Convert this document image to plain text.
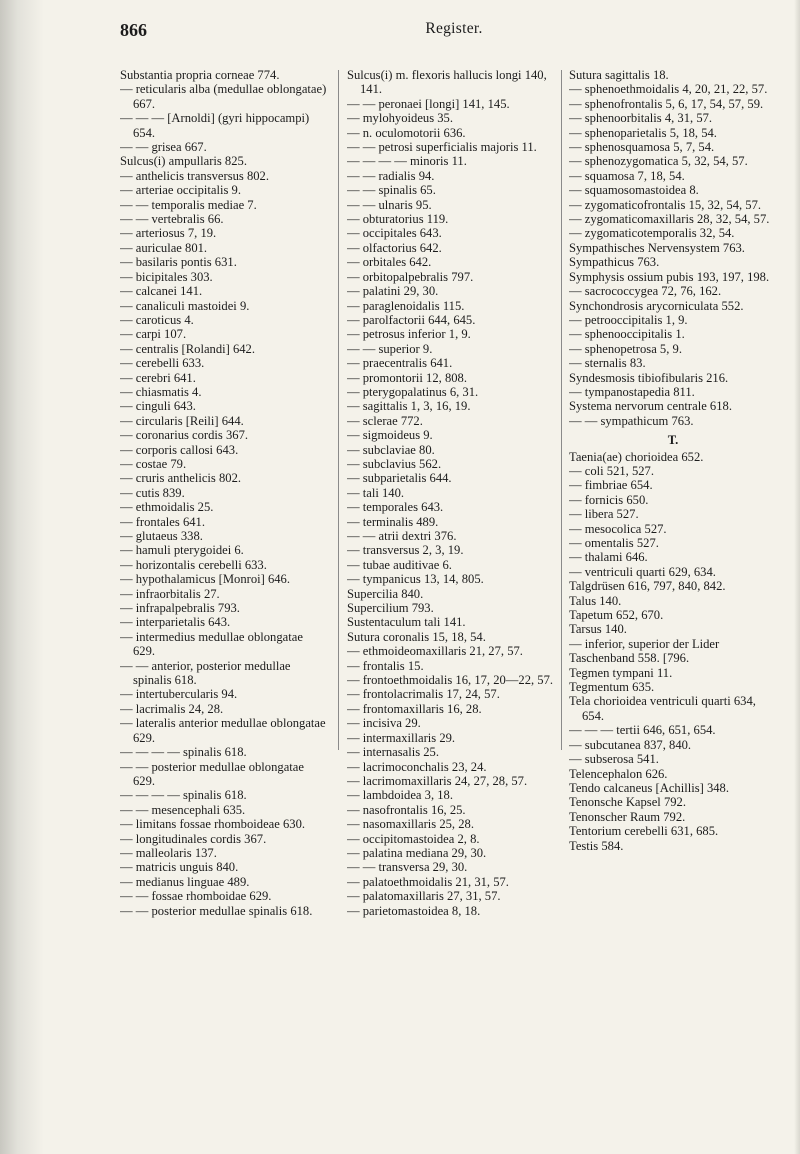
866	Register.

Substantia propria corneae 774.

— reticularis alba (medullae oblongatae) 667.

— — — [Arnoldi] (gyri hippocampi) 654.

— — grisea 667.

Sulcus(i) ampullaris 825.

— anthelicis transversus 802.

— arteriae occipitalis 9.

— — temporalis mediae 7.

— — vertebralis 66.

— arteriosus 7, 19.

— auriculae 801.

— basilaris pontis 631.

— bicipitales 303.

— calcanei 141.

— canaliculi mastoidei 9.

— caroticus 4.

— carpi 107.

— centralis [Rolandi] 642.

— cerebelli 633.

— cerebri 641.

— chiasmatis 4.

— cinguli 643.

— circularis [Reili] 644.

— coronarius cordis 367.

— corporis callosi 643.

— costae 79.

— cruris anthelicis 802.

— cutis 839.

— ethmoidalis 25.

— frontales 641.

— glutaeus 338.

— hamuli pterygoidei 6.

— horizontalis cerebelli 633.

— hypothalamicus [Monroi] 646.

— infraorbitalis 27.

— infrapalpebralis 793.

— interparietalis 643.

— intermedius medullae oblongatae 629.

— — anterior, posterior medullae spinalis 618.

— intertubercularis 94.

— lacrimalis 24, 28.

— lateralis anterior medullae oblongatae 629.

— — — — spinalis 618.

— — posterior medullae oblongatae 629.

— — — — spinalis 618.

— — mesencephali 635.

— limitans fossae rhomboideae 630.

— longitudinales cordis 367.

— malleolaris 137.

— matricis unguis 840.

— medianus linguae 489.

— — fossae rhomboidae 629.

— — posterior medullae spinalis 618.

Sulcus(i) m. flexoris hallucis longi 140, 141.

— — peronaei [longi] 141, 145.

— mylohyoideus 35.

— n. oculomotorii 636.

— — petrosi superficialis majoris 11.

— — — — minoris 11.

— — radialis 94.

— — spinalis 65.

— — ulnaris 95.

— obturatorius 119.

— occipitales 643.

— olfactorius 642.

— orbitales 642.

— orbitopalpebralis 797.

— palatini 29, 30.

— paraglenoidalis 115.

— parolfactorii 644, 645.

— petrosus inferior 1, 9.

— — superior 9.

— praecentralis 641.

— promontorii 12, 808.

— pterygopalatinus 6, 31.

— sagittalis 1, 3, 16, 19.

— sclerae 772.

— sigmoideus 9.

— subclaviae 80.

— subclavius 562.

— subparietalis 644.

— tali 140.

— temporales 643.

— terminalis 489.

— — atrii dextri 376.

— transversus 2, 3, 19.

— tubae auditivae 6.

— tympanicus 13, 14, 805.

Supercilia 840.

Supercilium 793.

Sustentaculum tali 141.

Sutura coronalis 15, 18, 54.

— ethmoideomaxillaris 21, 27, 57.

— frontalis 15.

— frontoethmoidalis 16, 17, 20—22, 57.

— frontolacrimalis 17, 24, 57.

— frontomaxillaris 16, 28.

— incisiva 29.

— intermaxillaris 29.

— internasalis 25.

— lacrimoconchalis 23, 24.

— lacrimomaxillaris 24, 27, 28, 57.

— lambdoidea 3, 18.

— nasofrontalis 16, 25.

— nasomaxillaris 25, 28.

— occipitomastoidea 2, 8.

— palatina mediana 29, 30.

— — transversa 29, 30.

— palatoethmoidalis 21, 31, 57.

— palatomaxillaris 27, 31, 57.

— parietomastoidea 8, 18.

Sutura sagittalis 18.

— sphenoethmoidalis 4, 20, 21, 22, 57.

— sphenofrontalis 5, 6, 17, 54, 57, 59.

— sphenoorbitalis 4, 31, 57.

— sphenoparietalis 5, 18, 54.

— sphenosquamosa 5, 7, 54.

— sphenozygomatica 5, 32, 54, 57.

— squamosa 7, 18, 54.

— squamosomastoidea 8.

— zygomaticofrontalis 15, 32, 54, 57.

— zygomaticomaxillaris 28, 32, 54, 57.

— zygomaticotemporalis 32, 54.

Sympathisches Nervensystem 763.

Sympathicus 763.

Symphysis ossium pubis 193, 197, 198.

— sacrococcygea 72, 76, 162.

Synchondrosis arycorniculata 552.

— petrooccipitalis 1, 9.

— sphenooccipitalis 1.

— sphenopetrosa 5, 9.

— sternalis 83.

Syndesmosis tibiofibularis 216.

— tympanostapedia 811.

Systema nervorum centrale 618.

— — sympathicum 763.

T.

Taenia(ae) chorioidea 652.

— coli 521, 527.

— fimbriae 654.

— fornicis 650.

— libera 527.

— mesocolica 527.

— omentalis 527.

— thalami 646.

— ventriculi quarti 629, 634.

Talgdrüsen 616, 797, 840, 842.

Talus 140.

Tapetum 652, 670.

Tarsus 140.

— inferior, superior der Lider

Taschenband 558. [796.

Tegmen tympani 11.

Tegmentum 635.

Tela chorioidea ventriculi quarti 634, 654.

— — — tertii 646, 651, 654.

— subcutanea 837, 840.

— subserosa 541.

Telencephalon 626.

Tendo calcaneus [Achillis] 348.

Tenonsche Kapsel 792.

Tenonscher Raum 792.

Tentorium cerebelli 631, 685.

Testis 584.
